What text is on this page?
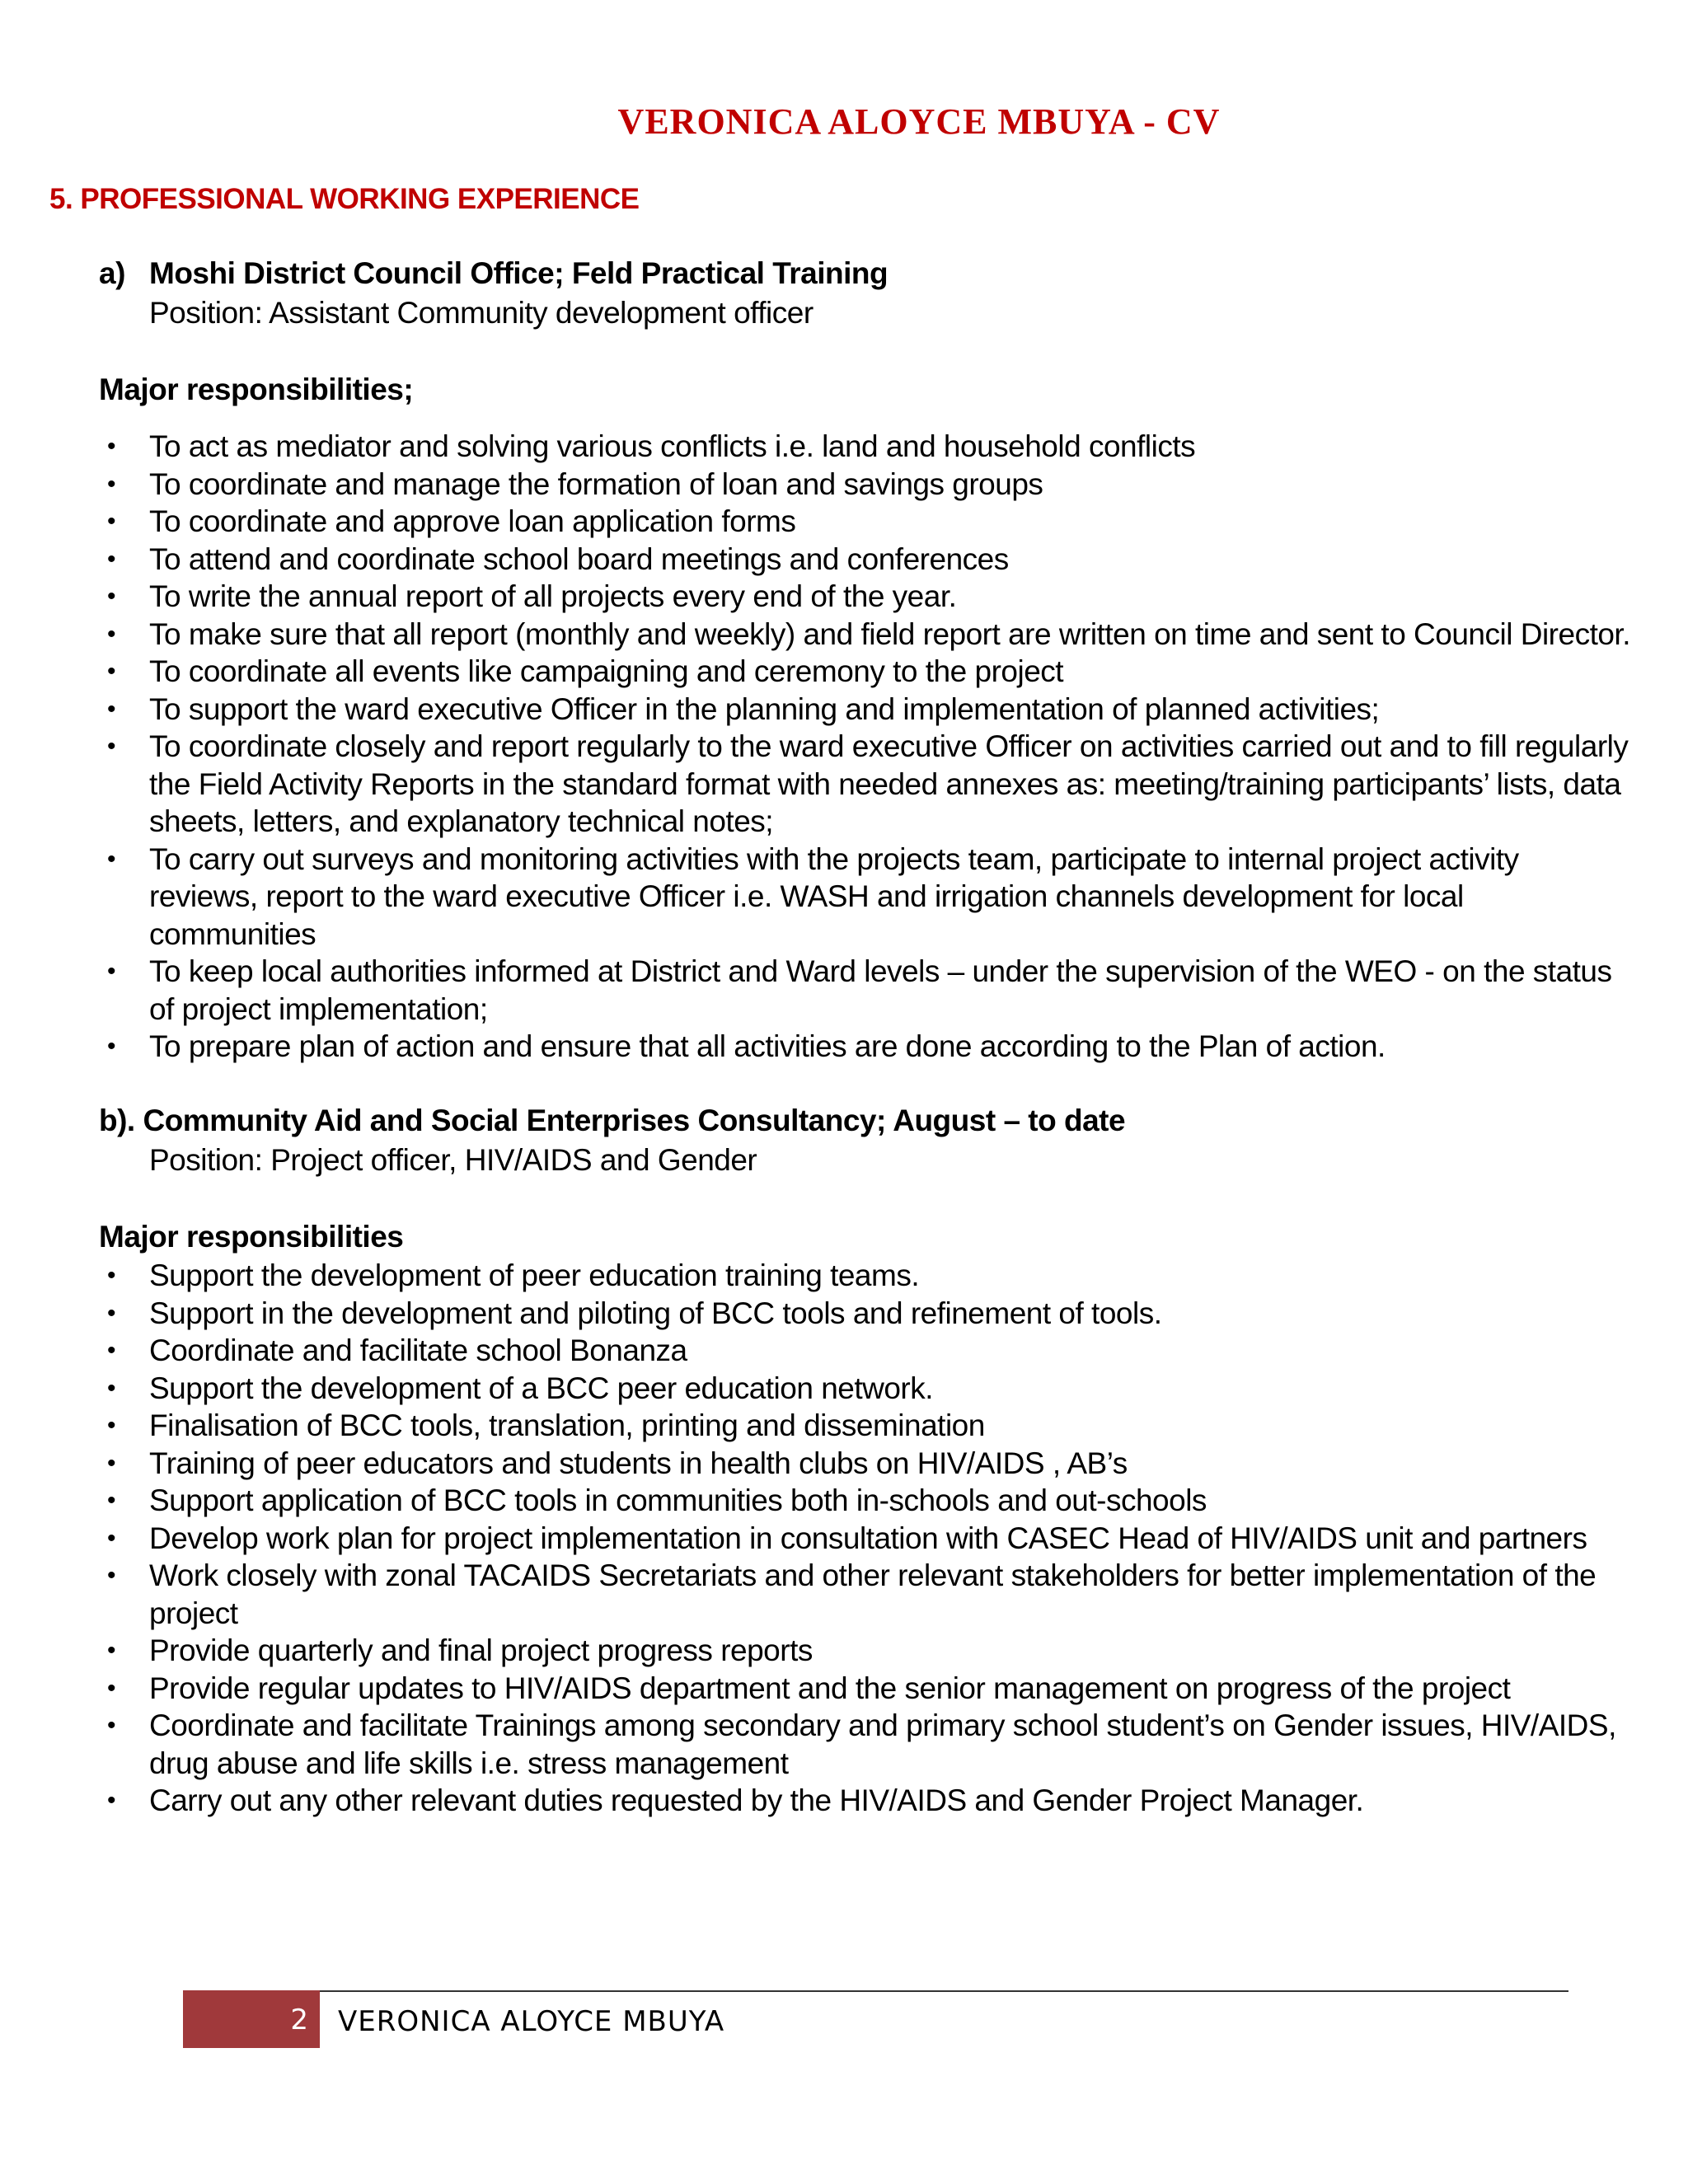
VERONICA ALOYCE MBUYA - CV
5. PROFESSIONAL WORKING EXPERIENCE
a) Moshi District Council Office; Feld Practical Training
Position: Assistant Community development officer
Major responsibilities;
• To act as mediator and solving various conflicts i.e. land and household conflicts
• To coordinate and manage the formation of loan and savings groups
• To coordinate and approve loan application forms
• To attend and coordinate school board meetings and conferences
• To write the annual report of all projects every end of the year.
• To make sure that all report (monthly and weekly) and field report are written on time and sent to Council Director.
• To coordinate all events like campaigning and ceremony to the project
• To support the ward executive Officer in the planning and implementation of planned activities;
• To coordinate closely and report regularly to the ward executive Officer on activities carried out and to fill regularly the Field Activity Reports in the standard format with needed annexes as: meeting/training participants’ lists, data sheets, letters, and explanatory technical notes;
• To carry out surveys and monitoring activities with the projects team, participate to internal project activity reviews, report to the ward executive Officer i.e. WASH and irrigation channels development for local communities
• To keep local authorities informed at District and Ward levels – under the supervision of the WEO - on the status of project implementation;
• To prepare plan of action and ensure that all activities are done according to the Plan of action.
b). Community Aid and Social Enterprises Consultancy; August – to date
Position: Project officer, HIV/AIDS and Gender
Major responsibilities
• Support the development of peer education training teams.
• Support in the development and piloting of BCC tools and refinement of tools.
• Coordinate and facilitate school Bonanza
• Support the development of a BCC peer education network.
• Finalisation of BCC tools, translation, printing and dissemination
• Training of peer educators and students in health clubs on HIV/AIDS , AB’s
• Support application of BCC tools in communities both in-schools and out-schools
• Develop work plan for project implementation in consultation with CASEC Head of HIV/AIDS unit and partners
• Work closely with zonal TACAIDS Secretariats and other relevant stakeholders for better implementation of the project
• Provide quarterly and final project progress reports
• Provide regular updates to HIV/AIDS department and the senior management on progress of the project
• Coordinate and facilitate Trainings among secondary and primary school student’s on Gender issues, HIV/AIDS, drug abuse and life skills i.e. stress management
• Carry out any other relevant duties requested by the HIV/AIDS and Gender Project Manager.
2 VERONICA ALOYCE MBUYA
